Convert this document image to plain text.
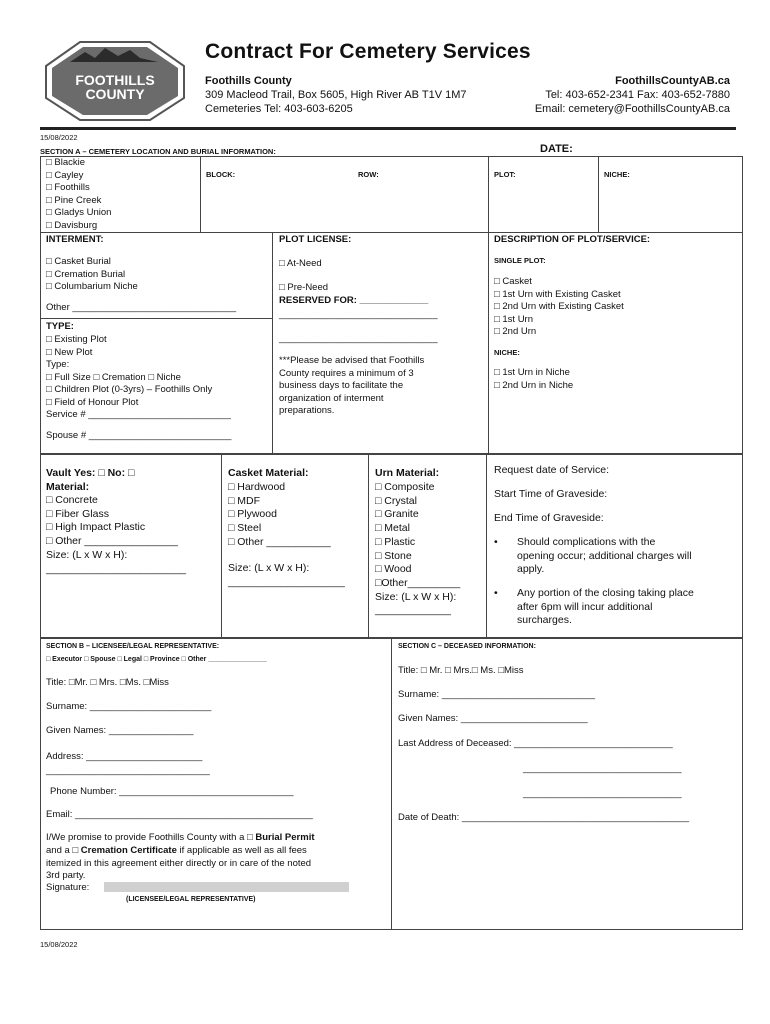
FOOTHILLS
COUNTY
Contract For Cemetery Services
Foothills County	FoothillsCountyAB.ca
309 Macleod Trail, Box 5605, High River AB T1V 1M7	Tel: 403-652-2341 Fax: 403-652-7880
Cemeteries Tel: 403-603-6205	Email: cemetery@FoothillsCountyAB.ca
15/08/2022
SECTION A – CEMETERY LOCATION AND BURIAL INFORMATION:	DATE:
□ Blackie
□ Cayley
□ Foothills
□ Pine Creek
□ Gladys Union
□ Davisburg
BLOCK:	ROW:	PLOT:	NICHE:
INTERMENT:
□ Casket Burial
□ Cremation Burial
□ Columbarium Niche
Other _______________________________
TYPE:
□ Existing Plot
□ New Plot
Type:
□ Full Size □ Cremation □ Niche
□ Children Plot (0-3yrs) – Foothills Only
□ Field of Honour Plot
Service # ___________________________
Spouse # ___________________________
PLOT LICENSE:
□ At-Need
□ Pre-Need
RESERVED FOR: _____________
______________________________
______________________________
***Please be advised that Foothills
County requires a minimum of 3
business days to facilitate the
organization of interment
preparations.
DESCRIPTION OF PLOT/SERVICE:
SINGLE PLOT:
□ Casket
□ 1st Urn with Existing Casket
□ 2nd Urn with Existing Casket
□ 1st Urn
□ 2nd Urn
NICHE:
□ 1st Urn in Niche
□ 2nd Urn in Niche
Vault Yes: □ No: □
Material:
□ Concrete
□ Fiber Glass
□ High Impact Plastic
□ Other ________________
Size: (L x W x H):
________________________
Casket Material:
□ Hardwood
□ MDF
□ Plywood
□ Steel
□ Other ___________
Size: (L x W x H):
____________________
Urn Material:
□ Composite
□ Crystal
□ Granite
□ Metal
□ Plastic
□ Stone
□ Wood
□Other_________
Size: (L x W x H):
_____________
Request date of Service:
Start Time of Graveside:
End Time of Graveside:
• Should complications with the
opening occur; additional charges will
apply.
• Any portion of the closing taking place
after 6pm will incur additional
surcharges.
SECTION B – LICENSEE/LEGAL REPRESENTATIVE:
□ Executor □ Spouse □ Legal □ Province □ Other _______________
Title: □Mr. □ Mrs. □Ms. □Miss
Surname: _______________________
Given Names: ________________
Address: ______________________
_______________________________
Phone Number: _________________________________
Email: _____________________________________________
I/We promise to provide Foothills County with a □ Burial Permit
and a □ Cremation Certificate if applicable as well as all fees
itemized in this agreement either directly or in care of the noted
3rd party.
Signature:
(LICENSEE/LEGAL REPRESENTATIVE)
SECTION C – DECEASED INFORMATION:
Title: □ Mr. □ Mrs.□ Ms. □Miss
Surname: _____________________________
Given Names: ________________________
Last Address of Deceased: ______________________________
______________________________
______________________________
Date of Death: ___________________________________________
15/08/2022
